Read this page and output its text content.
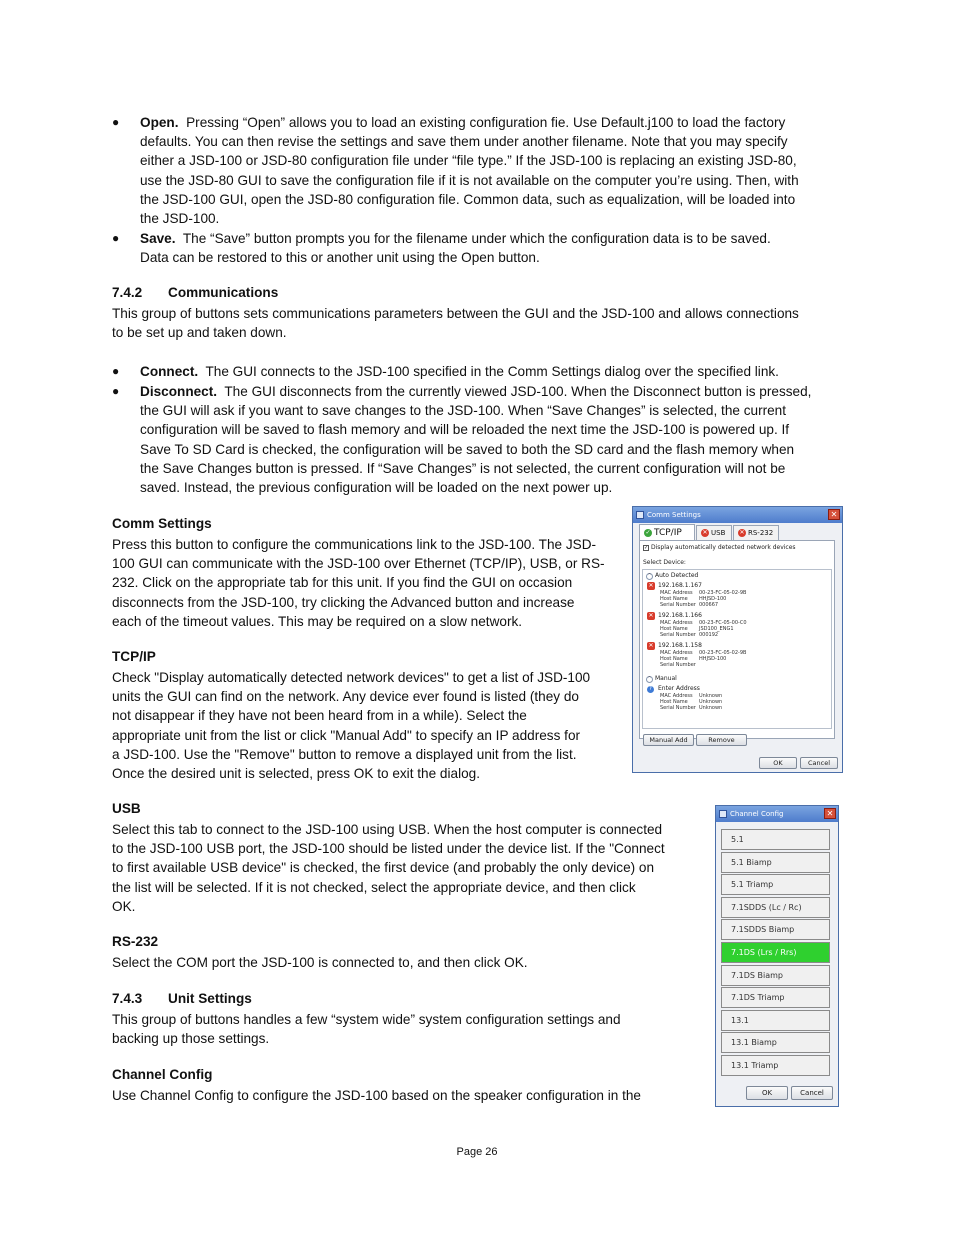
● Open. Pressing “Open” allows you to load an existing configuration fie. Use Default.j100 to load the factory
defaults. You can then revise the settings and save them under another filename. Note that you may specify
either a JSD-100 or JSD-80 configuration file under “file type.” If the JSD-100 is replacing an existing JSD-80,
use the JSD-80 GUI to save the configuration file if it is not available on the computer you’re using. Then, with
the JSD-100 GUI, open the JSD-80 configuration file. Common data, such as equalization, will be loaded into
the JSD-100.
● Save. The “Save” button prompts you for the filename under which the configuration data is to be saved.
Data can be restored to this or another unit using the Open button.
7.4.2 Communications
This group of buttons sets communications parameters between the GUI and the JSD-100 and allows connections
to be set up and taken down.
● Connect. The GUI connects to the JSD-100 specified in the Comm Settings dialog over the specified link.
● Disconnect. The GUI disconnects from the currently viewed JSD-100. When the Disconnect button is pressed,
the GUI will ask if you want to save changes to the JSD-100. When “Save Changes” is selected, the current
configuration will be saved to flash memory and will be reloaded the next time the JSD-100 is powered up. If
Save To SD Card is checked, the configuration will be saved to both the SD card and the flash memory when
the Save Changes button is pressed. If “Save Changes” is not selected, the current configuration will not be
saved. Instead, the previous configuration will be loaded on the next power up.
Comm Settings
Press this button to configure the communications link to the JSD-100. The JSD-
100 GUI can communicate with the JSD-100 over Ethernet (TCP/IP), USB, or RS-
232. Click on the appropriate tab for this unit. If you find the GUI on occasion
disconnects from the JSD-100, try clicking the Advanced button and increase
each of the timeout values. This may be required on a slow network.
TCP/IP
Check "Display automatically detected network devices" to get a list of JSD-100
units the GUI can find on the network. Any device ever found is listed (they do
not disappear if they have not been heard from in a while). Select the
appropriate unit from the list or click "Manual Add" to specify an IP address for
a JSD-100. Use the "Remove" button to remove a displayed unit from the list.
Once the desired unit is selected, press OK to exit the dialog.
Comm Settings	✕
✓ TCP/IP	✕ USB	✕ RS-232
✓ Display automatically detected network devices
Select Device:
^ Auto Detected
✕ 192.168.1.167
MAC Address 00-23-FC-05-02-9B
Host Name HHJSD-100
Serial Number 000667
✕ 192.168.1.166
MAC Address 00-23-FC-05-00-C0
Host Name JSD100_ENG1
Serial Number 000192
✕ 192.168.1.158
MAC Address 00-23-FC-05-02-9B
Host Name HHJSD-100
Serial Number
^ Manual
?	Enter Address
MAC Address Unknown
Host Name Unknown
Serial Number Unknown
Manual Add	Remove
OK	Cancel
USB
Select this tab to connect to the JSD-100 using USB. When the host computer is connected
to the JSD-100 USB port, the JSD-100 should be listed under the device list. If the "Connect
to first available USB device" is checked, the first device (and probably the only device) on
the list will be selected. If it is not checked, select the appropriate device, and then click
OK.
RS-232
Select the COM port the JSD-100 is connected to, and then click OK.
7.4.3 Unit Settings
This group of buttons handles a few “system wide” system configuration settings and
backing up those settings.
Channel Config
Use Channel Config to configure the JSD-100 based on the speaker configuration in the
Channel Config	✕
5.1
5.1 Biamp
5.1 Triamp
7.1SDDS (Lc / Rc)
7.1SDDS Biamp
7.1DS (Lrs / Rrs)
7.1DS Biamp
7.1DS Triamp
13.1
13.1 Biamp
13.1 Triamp
OK	Cancel
Page 26
